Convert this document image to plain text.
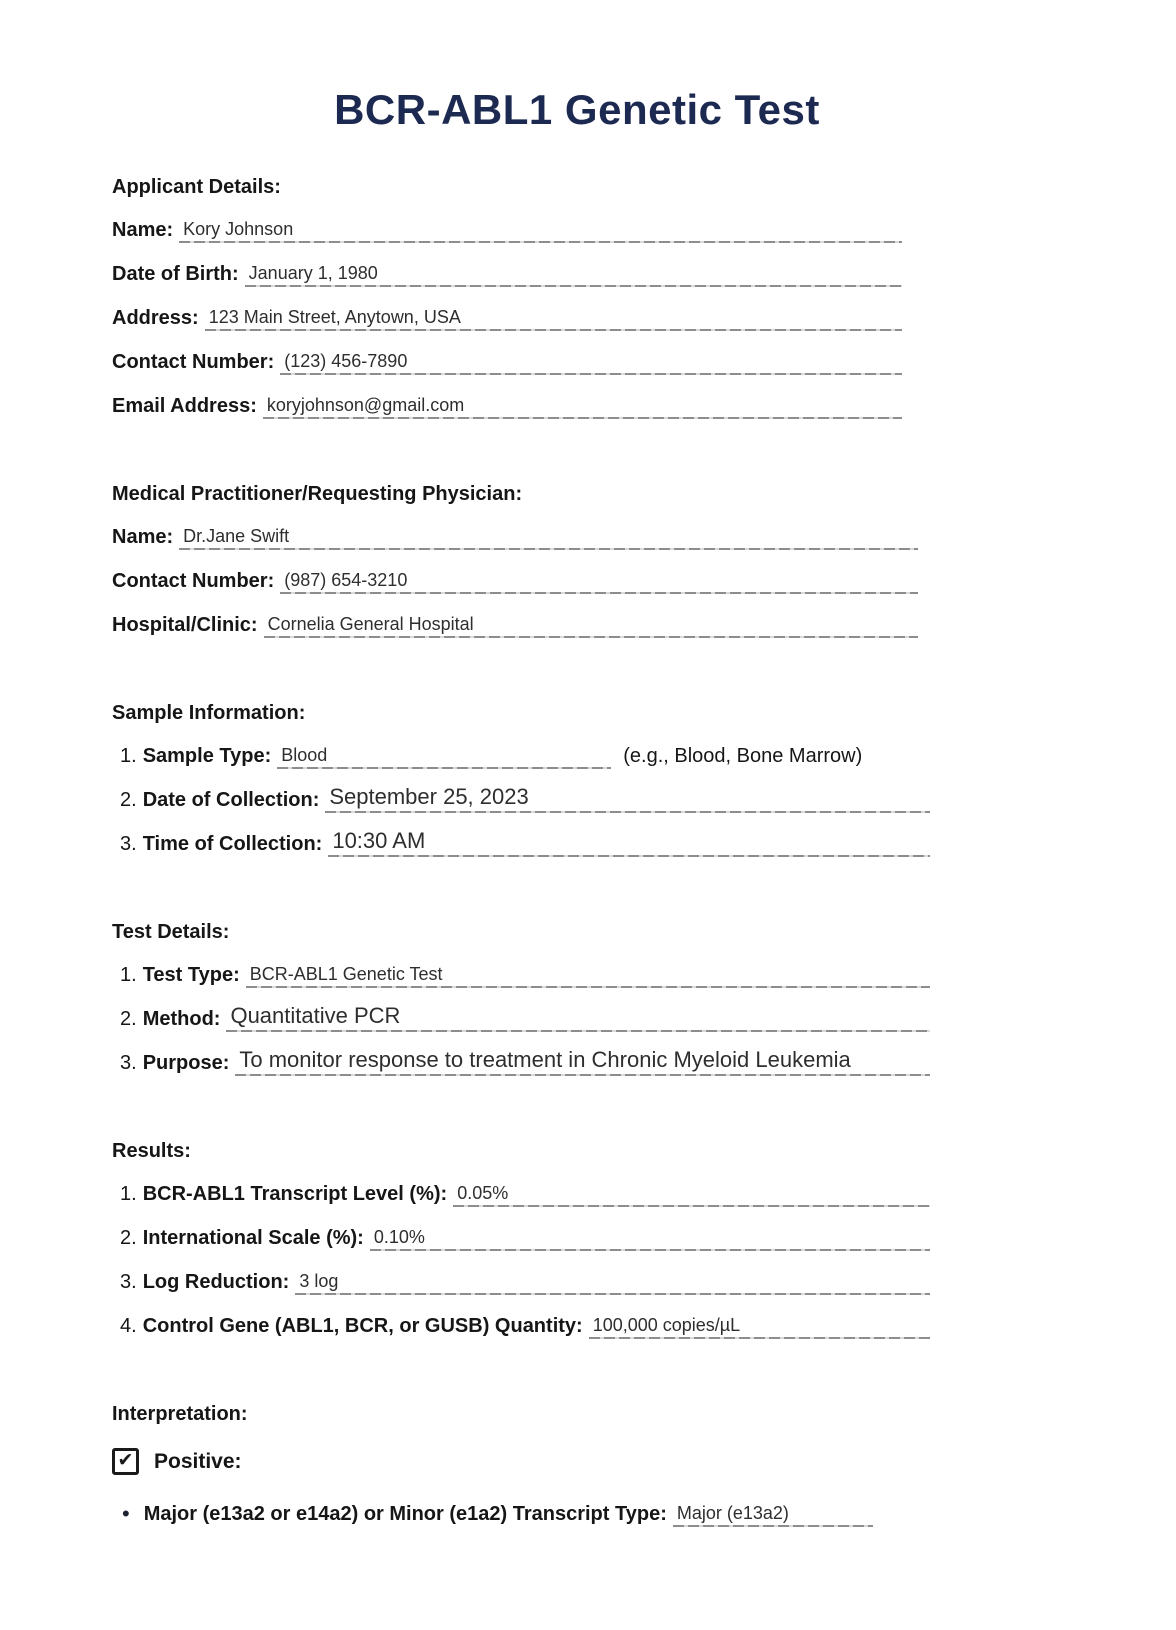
BCR-ABL1 Genetic Test
Applicant Details:
Name: Kory Johnson
Date of Birth: January 1, 1980
Address: 123 Main Street, Anytown, USA
Contact Number: (123) 456-7890
Email Address: koryjohnson@gmail.com
Medical Practitioner/Requesting Physician:
Name: Dr.Jane Swift
Contact Number: (987) 654-3210
Hospital/Clinic: Cornelia General Hospital
Sample Information:
1. Sample Type: Blood	(e.g., Blood, Bone Marrow)
2. Date of Collection: September 25, 2023
3. Time of Collection: 10:30 AM
Test Details:
1. Test Type: BCR-ABL1 Genetic Test
2. Method: Quantitative PCR
3. Purpose: To monitor response to treatment in Chronic Myeloid Leukemia
Results:
1. BCR-ABL1 Transcript Level (%): 0.05%
2. International Scale (%): 0.10%
3. Log Reduction: 3 log
4. Control Gene (ABL1, BCR, or GUSB) Quantity: 100,000 copies/µL
Interpretation:
✔ Positive:
• Major (e13a2 or e14a2) or Minor (e1a2) Transcript Type: Major (e13a2)
